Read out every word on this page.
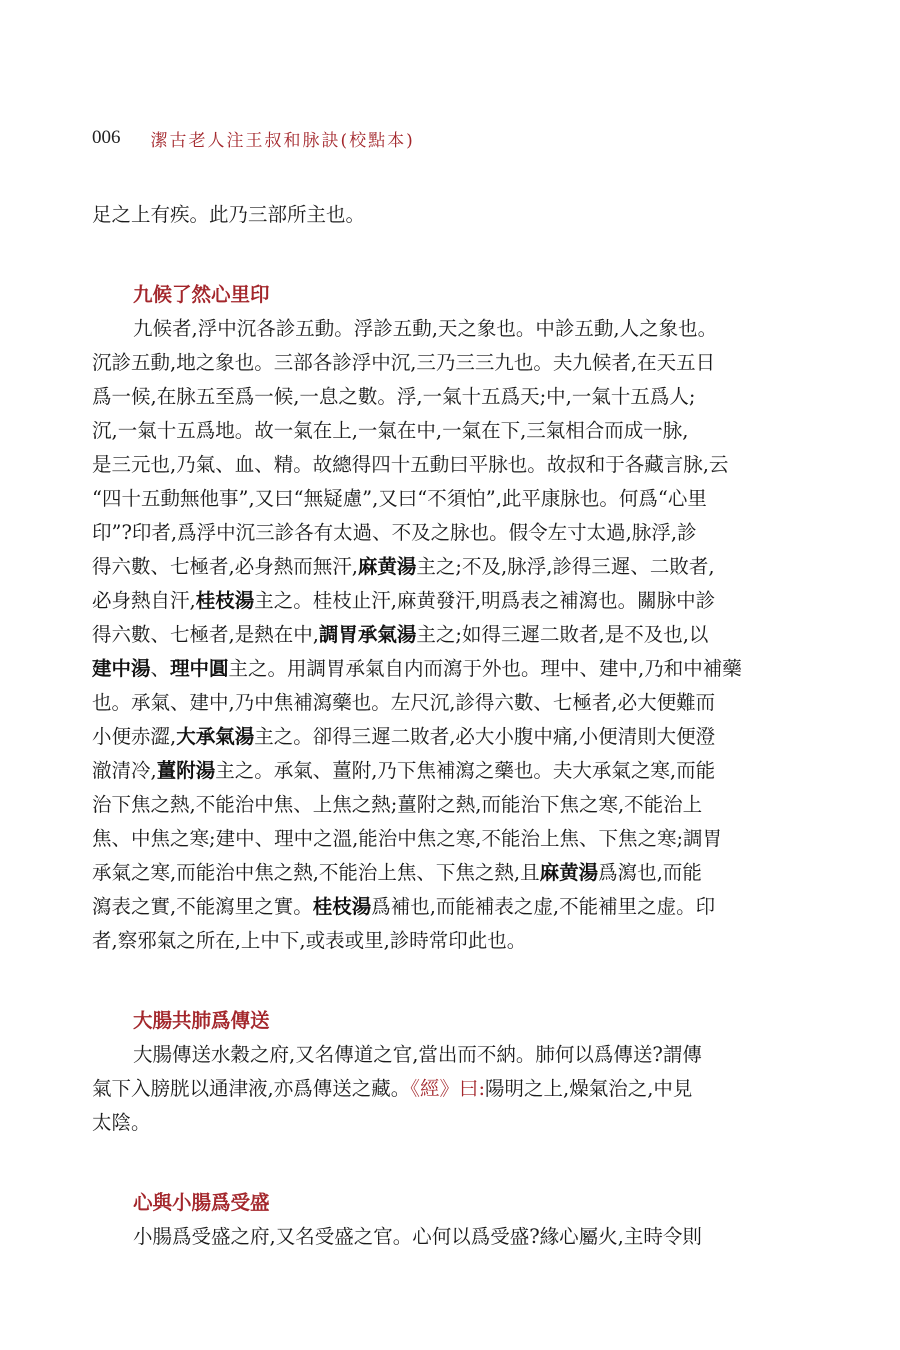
006 潔古老人注王叔和脉訣(校點本)
足之上有疾。此乃三部所主也。
九候了然心里印
九候者,浮中沉各診五動。浮診五動,天之象也。中診五動,人之象也。
沉診五動,地之象也。三部各診浮中沉,三乃三三九也。夫九候者,在天五日
爲一候,在脉五至爲一候,一息之數。浮,一氣十五爲天;中,一氣十五爲人;
沉,一氣十五爲地。故一氣在上,一氣在中,一氣在下,三氣相合而成一脉,
是三元也,乃氣、血、精。故總得四十五動曰平脉也。故叔和于各藏言脉,云
“四十五動無他事”,又曰“無疑慮”,又曰“不須怕”,此平康脉也。何爲“心里
印”?印者,爲浮中沉三診各有太過、不及之脉也。假令左寸太過,脉浮,診
得六數、七極者,必身熱而無汗,麻黄湯主之;不及,脉浮,診得三遲、二敗者,
必身熱自汗,桂枝湯主之。桂枝止汗,麻黄發汗,明爲表之補瀉也。關脉中診
得六數、七極者,是熱在中,調胃承氣湯主之;如得三遲二敗者,是不及也,以
建中湯、理中圓主之。用調胃承氣自内而瀉于外也。理中、建中,乃和中補藥
也。承氣、建中,乃中焦補瀉藥也。左尺沉,診得六數、七極者,必大便難而
小便赤澀,大承氣湯主之。卻得三遲二敗者,必大小腹中痛,小便清則大便澄
澈清冷,薑附湯主之。承氣、薑附,乃下焦補瀉之藥也。夫大承氣之寒,而能
治下焦之熱,不能治中焦、上焦之熱;薑附之熱,而能治下焦之寒,不能治上
焦、中焦之寒;建中、理中之溫,能治中焦之寒,不能治上焦、下焦之寒;調胃
承氣之寒,而能治中焦之熱,不能治上焦、下焦之熱,且麻黄湯爲瀉也,而能
瀉表之實,不能瀉里之實。桂枝湯爲補也,而能補表之虚,不能補里之虚。印
者,察邪氣之所在,上中下,或表或里,診時常印此也。
大腸共肺爲傳送
大腸傳送水穀之府,又名傳道之官,當出而不納。肺何以爲傳送?謂傳
氣下入膀胱以通津液,亦爲傳送之藏。《經》曰:陽明之上,燥氣治之,中見
太陰。
心與小腸爲受盛
小腸爲受盛之府,又名受盛之官。心何以爲受盛?緣心屬火,主時令則
